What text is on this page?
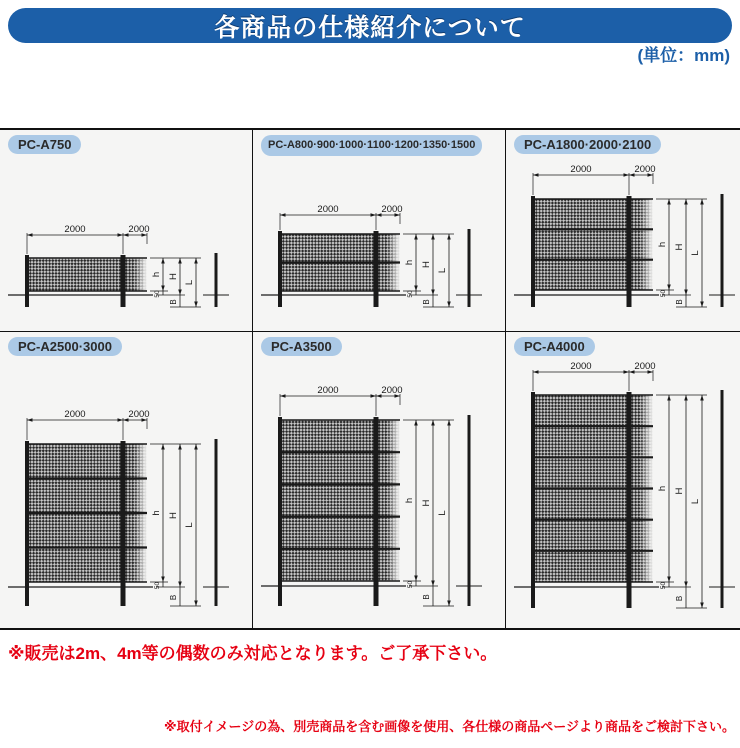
各商品の仕様紹介について
(単位：mm)
2000	2000
h
50
H
B
L
PC-A750
2000	2000
h
50
H
B
L
PC-A800·900·1000·1100·1200·1350·1500
2000	2000
h
50
H
B
L
PC-A1800·2000·2100
2000	2000
h
50
H
B
L
PC-A2500·3000
2000	2000
h
50
H
B
L
PC-A3500
2000	2000
h
50
H
B
L
PC-A4000

※販売は2m、4m等の偶数のみ対応となります。ご了承下さい。

※取付イメージの為、別売商品を含む画像を使用、各仕様の商品ページより商品をご検討下さい。
